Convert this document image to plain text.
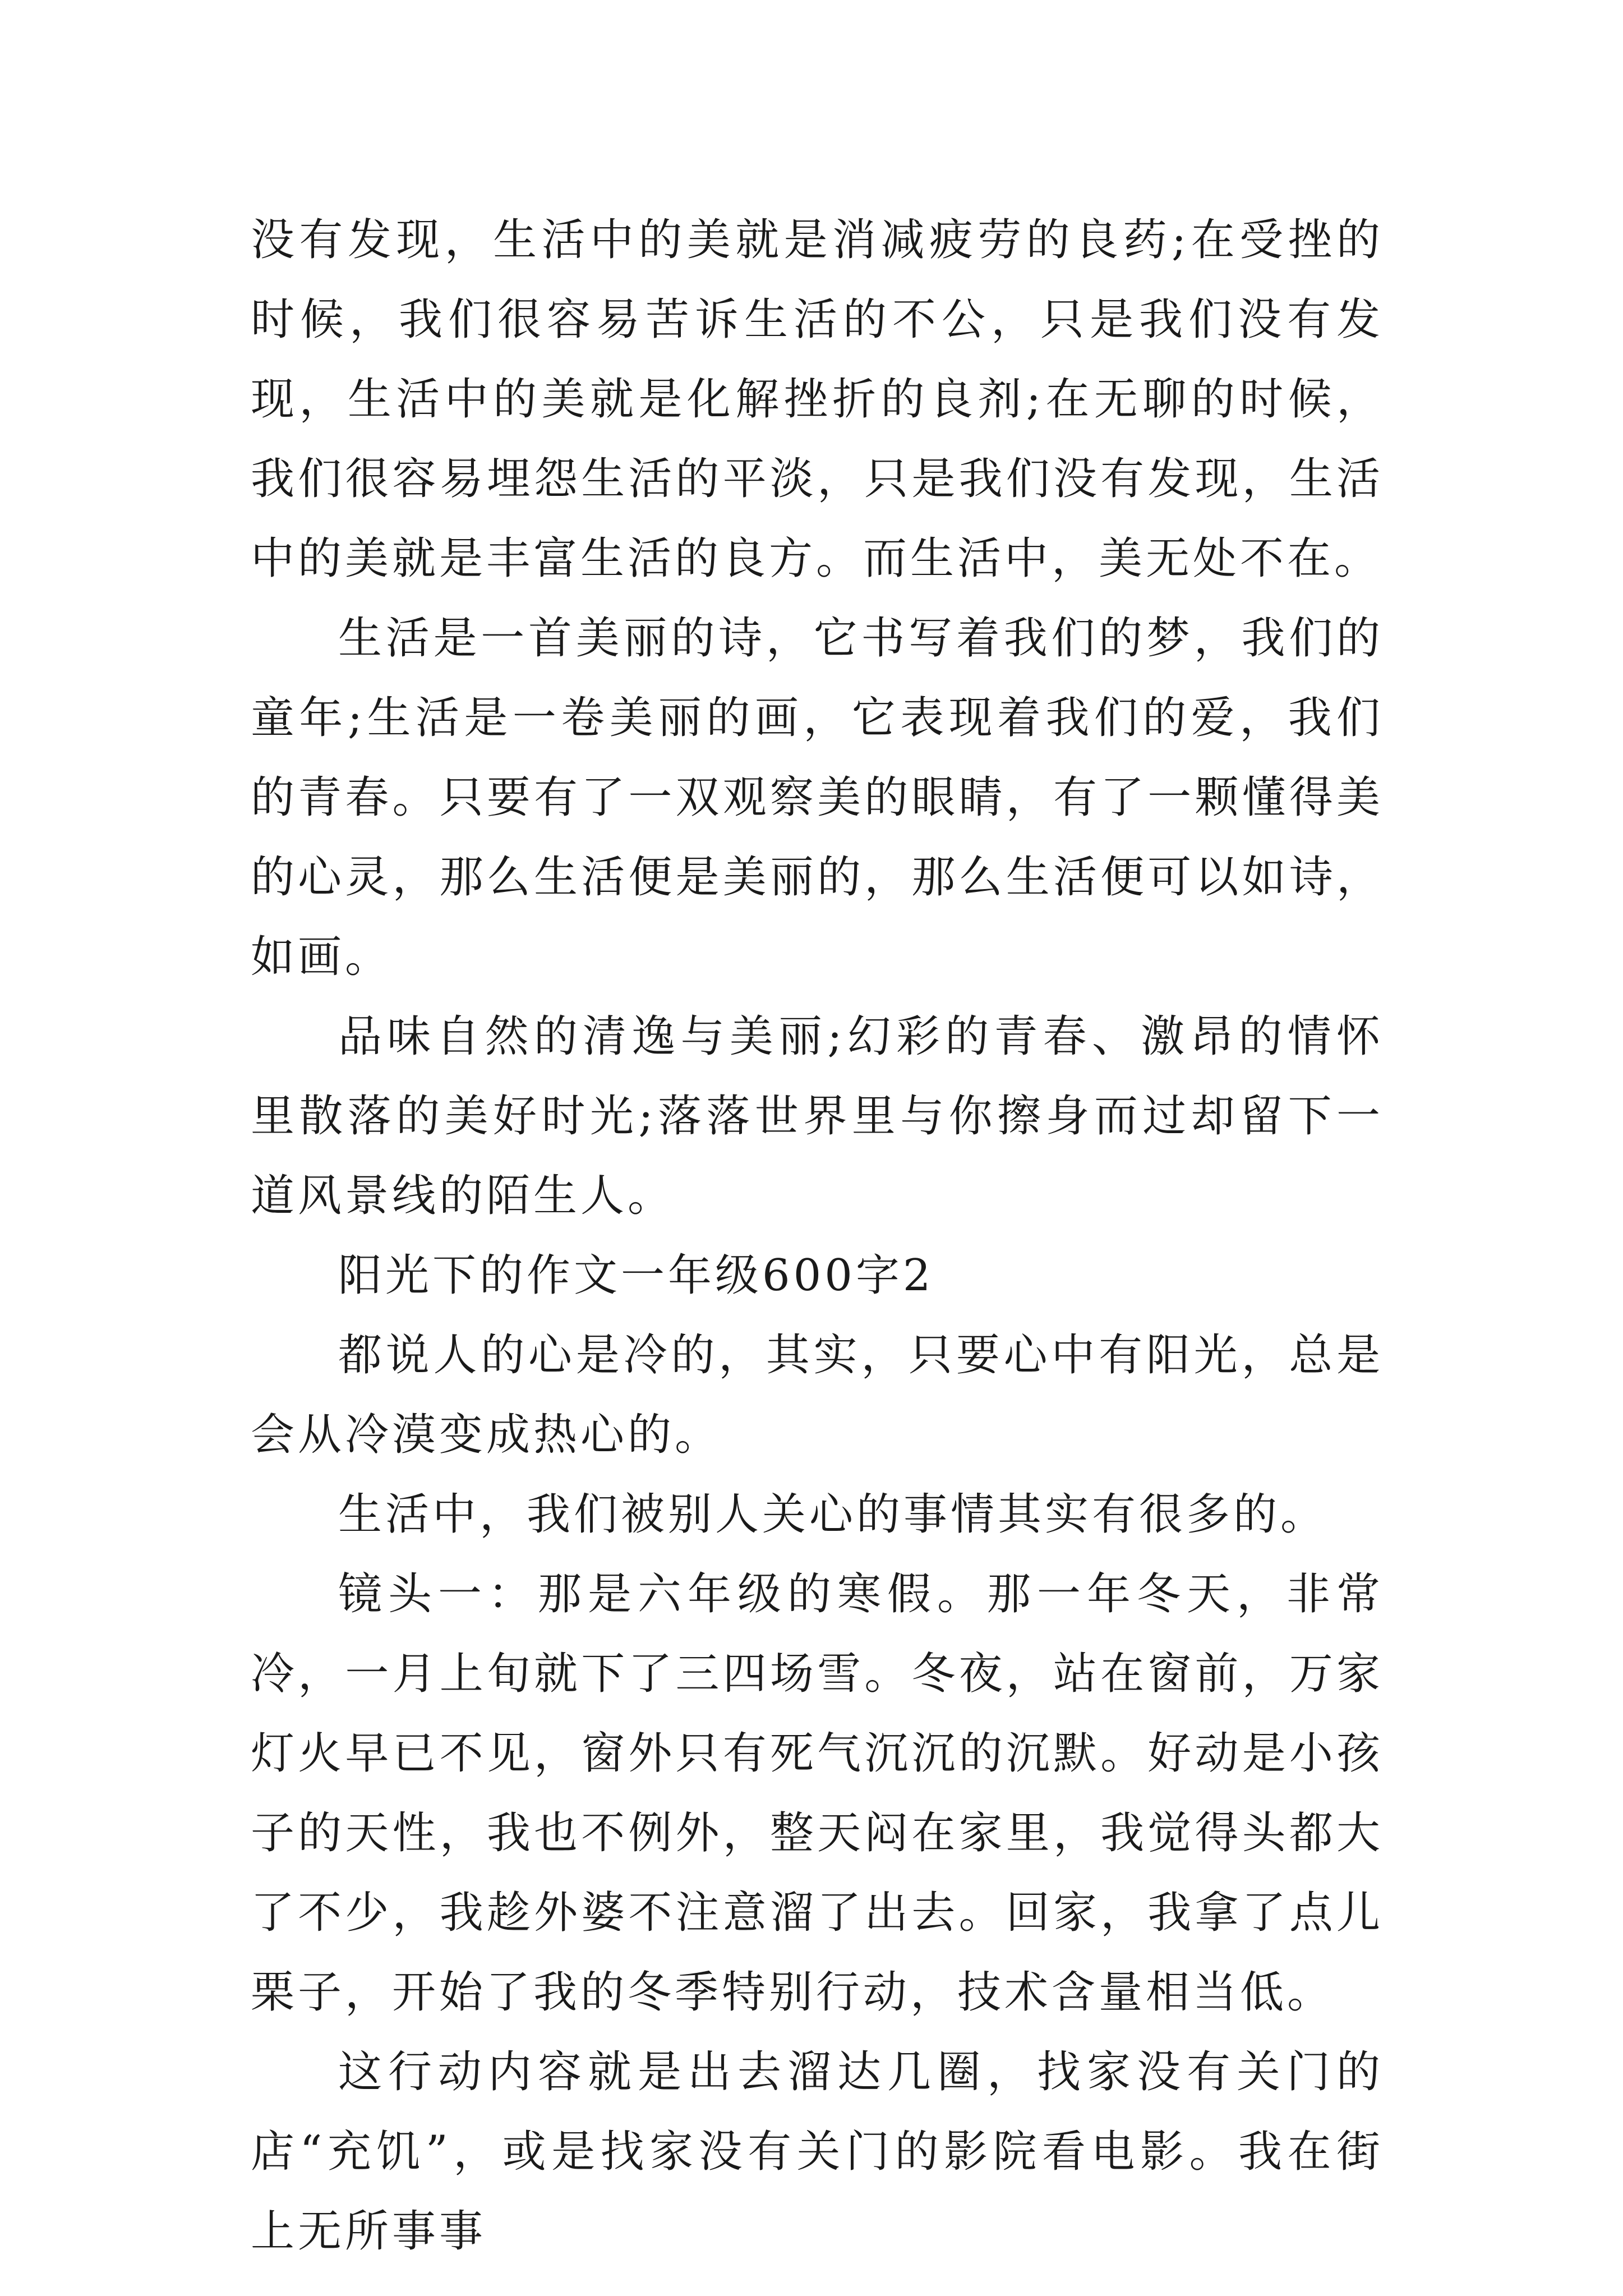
没有发现，生活中的美就是消减疲劳的良药;在受挫的时候，我们很容易苦诉生活的不公，只是我们没有发现，生活中的美就是化解挫折的良剂;在无聊的时候，我们很容易埋怨生活的平淡，只是我们没有发现，生活中的美就是丰富生活的良方。而生活中，美无处不在。

生活是一首美丽的诗，它书写着我们的梦，我们的童年;生活是一卷美丽的画，它表现着我们的爱，我们的青春。只要有了一双观察美的眼睛，有了一颗懂得美的心灵，那么生活便是美丽的，那么生活便可以如诗，如画。

品味自然的清逸与美丽;幻彩的青春、激昂的情怀里散落的美好时光;落落世界里与你擦身而过却留下一道风景线的陌生人。

阳光下的作文一年级600字2

都说人的心是冷的，其实，只要心中有阳光，总是会从冷漠变成热心的。

生活中，我们被别人关心的事情其实有很多的。

镜头一：那是六年级的寒假。那一年冬天，非常冷，一月上旬就下了三四场雪。冬夜，站在窗前，万家灯火早已不见，窗外只有死气沉沉的沉默。好动是小孩子的天性，我也不例外，整天闷在家里，我觉得头都大了不少，我趁外婆不注意溜了出去。回家，我拿了点儿栗子，开始了我的冬季特别行动，技术含量相当低。

这行动内容就是出去溜达几圈，找家没有关门的店“充饥”，或是找家没有关门的影院看电影。我在街上无所事事
